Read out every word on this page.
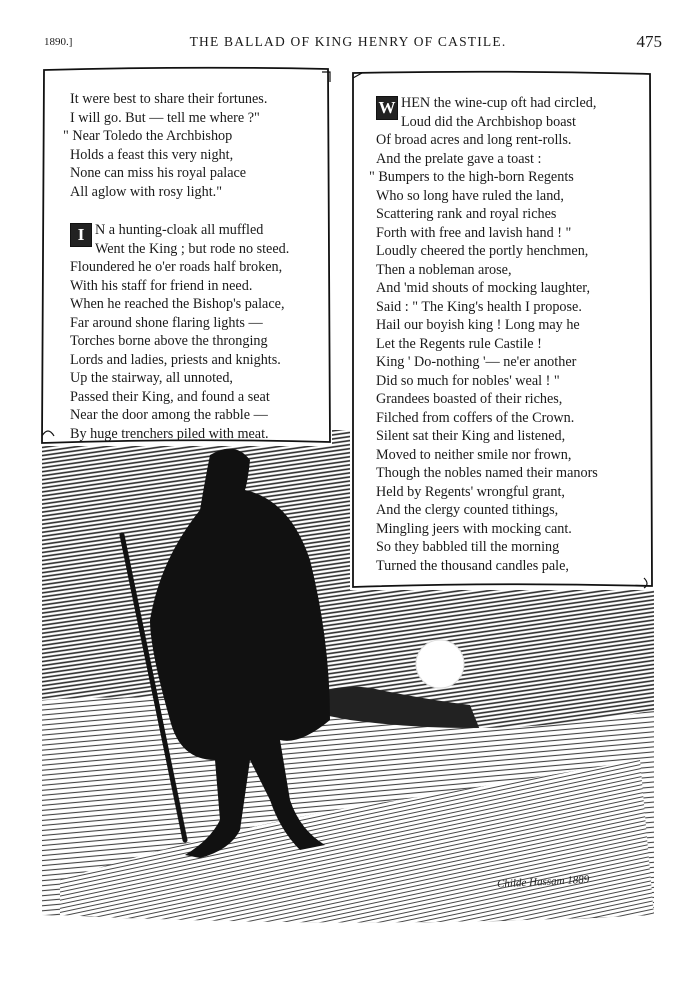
1890.]	THE BALLAD OF KING HENRY OF CASTILE.	475
It were best to share their fortunes.
I will go. But — tell me where ?"
" Near Toledo the Archbishop
Holds a feast this very night,
None can miss his royal palace
All aglow with rosy light."
I N a hunting-cloak all muffled
Went the King ; but rode no steed.
Floundered he o'er roads half broken,
With his staff for friend in need.
When he reached the Bishop's palace,
Far around shone flaring lights —
Torches borne above the thronging
Lords and ladies, priests and knights.
Up the stairway, all unnoted,
Passed their King, and found a seat
Near the door among the rabble —
By huge trenchers piled with meat.
W HEN the wine-cup oft had circled,
Loud did the Archbishop boast
Of broad acres and long rent-rolls.
And the prelate gave a toast :
" Bumpers to the high-born Regents
Who so long have ruled the land,
Scattering rank and royal riches
Forth with free and lavish hand ! "
Loudly cheered the portly henchmen,
Then a nobleman arose,
And 'mid shouts of mocking laughter,
Said : " The King's health I propose.
Hail our boyish king ! Long may he
Let the Regents rule Castile !
King ' Do-nothing '— ne'er another
Did so much for nobles' weal ! "
Grandees boasted of their riches,
Filched from coffers of the Crown.
Silent sat their King and listened,
Moved to neither smile nor frown,
Though the nobles named their manors
Held by Regents' wrongful grant,
And the clergy counted tithings,
Mingling jeers with mocking cant.
So they babbled till the morning
Turned the thousand candles pale,
Childe Hassam 1889
